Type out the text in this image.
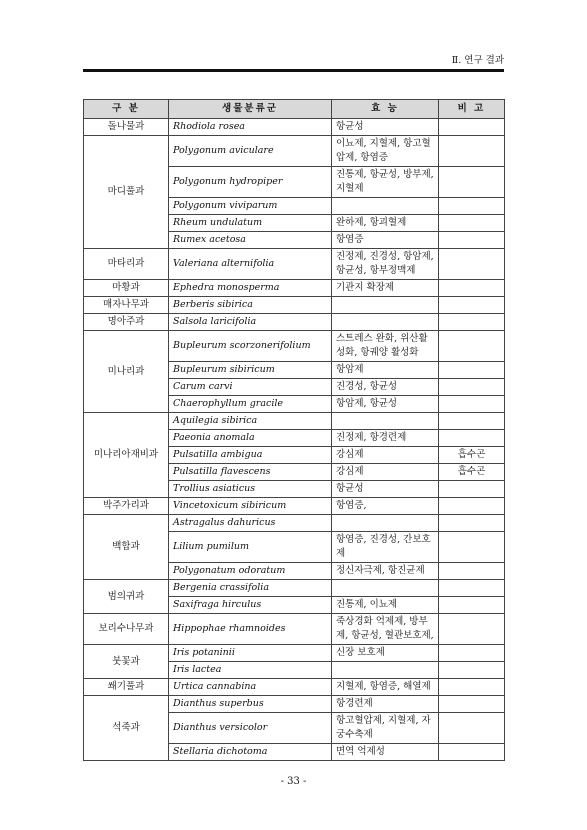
Ⅱ. 연구 결과
구 분	생물분류군	효 능	비 고
돌나물과	Rhodiola rosea	항균성	
마디풀과	Polygonum aviculare	이뇨제, 지혈제, 항고혈압제, 항염증	
	Polygonum hydropiper	진통제, 항균성, 방부제, 지혈제	
	Polygonum viviparum		
	Rheum undulatum	완하제, 항괴혈제	
	Rumex acetosa	항염증	
마타리과	Valeriana alternifolia	진정제, 진경성, 항암제, 항균성, 항부정맥제	
마황과	Ephedra monosperma	기관지 확장제	
매자나무과	Berberis sibirica		
명아주과	Salsola laricifolia		
미나리과	Bupleurum scorzonerifolium	스트레스 완화, 위산활성화, 항궤양 활성화	
	Bupleurum sibiricum	항암제	
	Carum carvi	진경성, 항균성	
	Chaerophyllum gracile	항암제, 항균성	
미나리아재비과	Aquilegia sibirica		
	Paeonia anomala	진정제, 항경련제	
	Pulsatilla ambigua	강심제	흡수곤
	Pulsatilla flavescens	강심제	흡수곤
	Trollius asiaticus	항균성	
박주가리과	Vincetoxicum sibiricum	항염증,	
백합과	Astragalus dahuricus		
	Lilium pumilum	항염증, 진경성, 간보호제	
	Polygonatum odoratum	정신자극제, 항진균제	
범의귀과	Bergenia crassifolia		
	Saxifraga hirculus	진통제, 이뇨제	
보리수나무과	Hippophae rhamnoides	죽상경화 억제제, 방부제, 항균성, 혈관보호제,	
붓꽃과	Iris potaninii	신장 보호제	
	Iris lactea		
쐐기풀과	Urtica cannabina	지혈제, 항염증, 해열제	
석죽과	Dianthus superbus	항경련제	
	Dianthus versicolor	항고혈압제, 지혈제, 자궁수축제	
	Stellaria dichotoma	면역 억제성	
- 33 -
